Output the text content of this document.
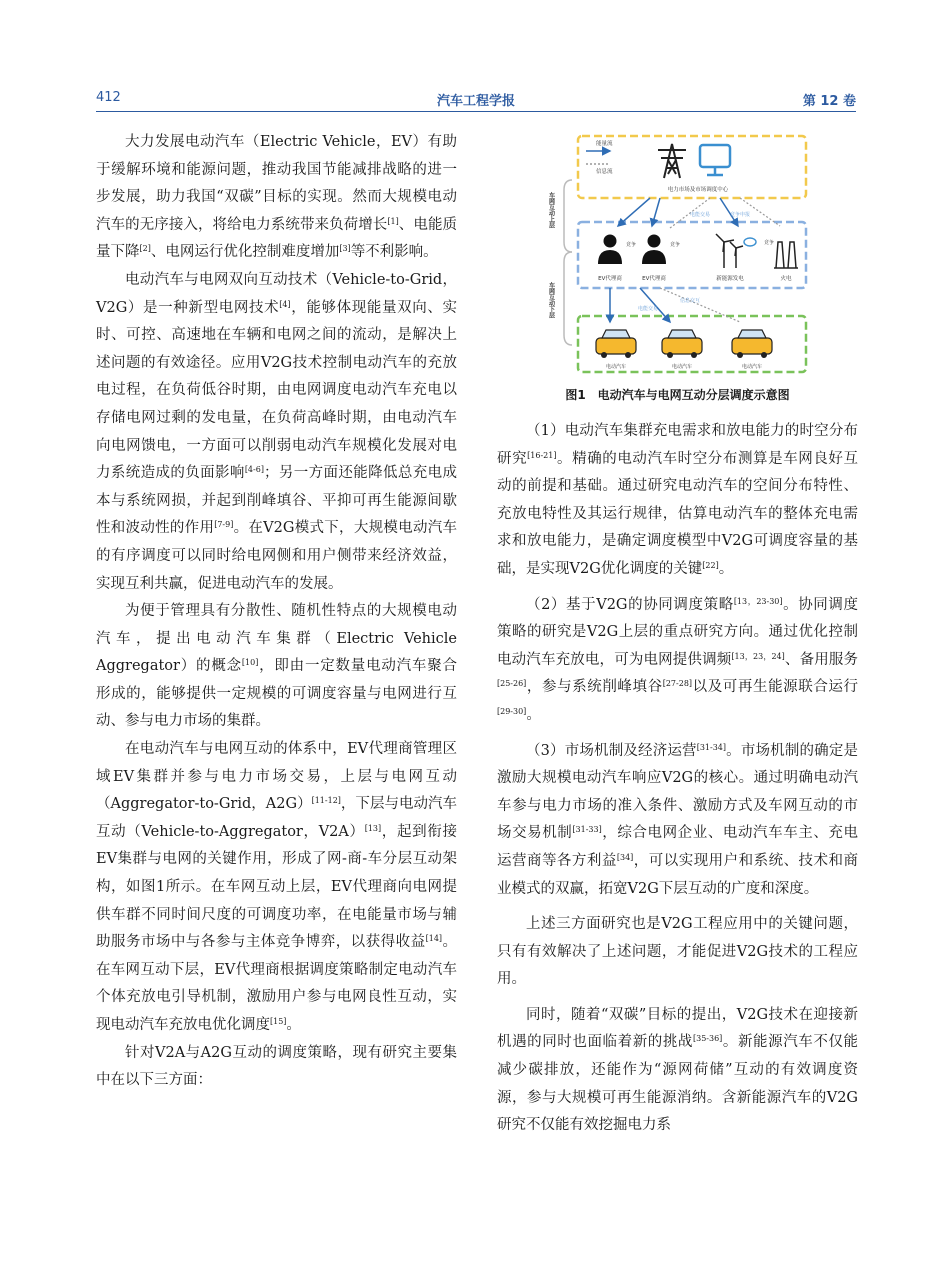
412	汽车工程学报	第 12 卷

大力发展电动汽车（Electric Vehicle，EV）有助于缓解环境和能源问题，推动我国节能减排战略的进一步发展，助力我国“双碳”目标的实现。然而大规模电动汽车的无序接入，将给电力系统带来负荷增长[1]、电能质量下降[2]、电网运行优化控制难度增加[3]等不利影响。

电动汽车与电网双向互动技术（Vehicle-to-Grid，V2G）是一种新型电网技术[4]，能够体现能量双向、实时、可控、高速地在车辆和电网之间的流动，是解决上述问题的有效途径。应用V2G技术控制电动汽车的充放电过程，在负荷低谷时期，由电网调度电动汽车充电以存储电网过剩的发电量，在负荷高峰时期，由电动汽车向电网馈电，一方面可以削弱电动汽车规模化发展对电力系统造成的负面影响[4-6]；另一方面还能降低总充电成本与系统网损，并起到削峰填谷、平抑可再生能源间歇性和波动性的作用[7-9]。在V2G模式下，大规模电动汽车的有序调度可以同时给电网侧和用户侧带来经济效益，实现互利共赢，促进电动汽车的发展。

为便于管理具有分散性、随机性特点的大规模电动汽车，提出电动汽车集群（Electric Vehicle Aggregator）的概念[10]，即由一定数量电动汽车聚合形成的，能够提供一定规模的可调度容量与电网进行互动、参与电力市场的集群。

在电动汽车与电网互动的体系中，EV代理商管理区域EV集群并参与电力市场交易，上层与电网互动（Aggregator-to-Grid，A2G）[11-12]，下层与电动汽车互动（Vehicle-to-Aggregator，V2A）[13]，起到衔接EV集群与电网的关键作用，形成了网-商-车分层互动架构，如图1所示。在车网互动上层，EV代理商向电网提供车群不同时间尺度的可调度功率，在电能量市场与辅助服务市场中与各参与主体竞争博弈，以获得收益[14]。在车网互动下层，EV代理商根据调度策略制定电动汽车个体充放电引导机制，激励用户参与电网良性互动，实现电动汽车充放电优化调度[15]。

针对V2A与A2G互动的调度策略，现有研究主要集中在以下三方面：

车网互动上层
车网互动下层
能量流
信息流
电力市场及市场调度中心
电能交易	竞争申报
竞争	竞争
EV代理商	EV代理商	新能源发电
竞争
火电
电能交易
信息交互
电动汽车	电动汽车	电动汽车
图1　电动汽车与电网互动分层调度示意图

（1）电动汽车集群充电需求和放电能力的时空分布研究[16-21]。精确的电动汽车时空分布测算是车网良好互动的前提和基础。通过研究电动汽车的空间分布特性、充放电特性及其运行规律，估算电动汽车的整体充电需求和放电能力，是确定调度模型中V2G可调度容量的基础，是实现V2G优化调度的关键[22]。

（2）基于V2G的协同调度策略[13，23-30]。协同调度策略的研究是V2G上层的重点研究方向。通过优化控制电动汽车充放电，可为电网提供调频[13，23，24]、备用服务[25-26]，参与系统削峰填谷[27-28]以及可再生能源联合运行[29-30]。

（3）市场机制及经济运营[31-34]。市场机制的确定是激励大规模电动汽车响应V2G的核心。通过明确电动汽车参与电力市场的准入条件、激励方式及车网互动的市场交易机制[31-33]，综合电网企业、电动汽车车主、充电运营商等各方利益[34]，可以实现用户和系统、技术和商业模式的双赢，拓宽V2G下层互动的广度和深度。

上述三方面研究也是V2G工程应用中的关键问题，只有有效解决了上述问题，才能促进V2G技术的工程应用。

同时，随着“双碳”目标的提出，V2G技术在迎接新机遇的同时也面临着新的挑战[35-36]。新能源汽车不仅能减少碳排放，还能作为“源网荷储”互动的有效调度资源，参与大规模可再生能源消纳。含新能源汽车的V2G研究不仅能有效挖掘电力系
